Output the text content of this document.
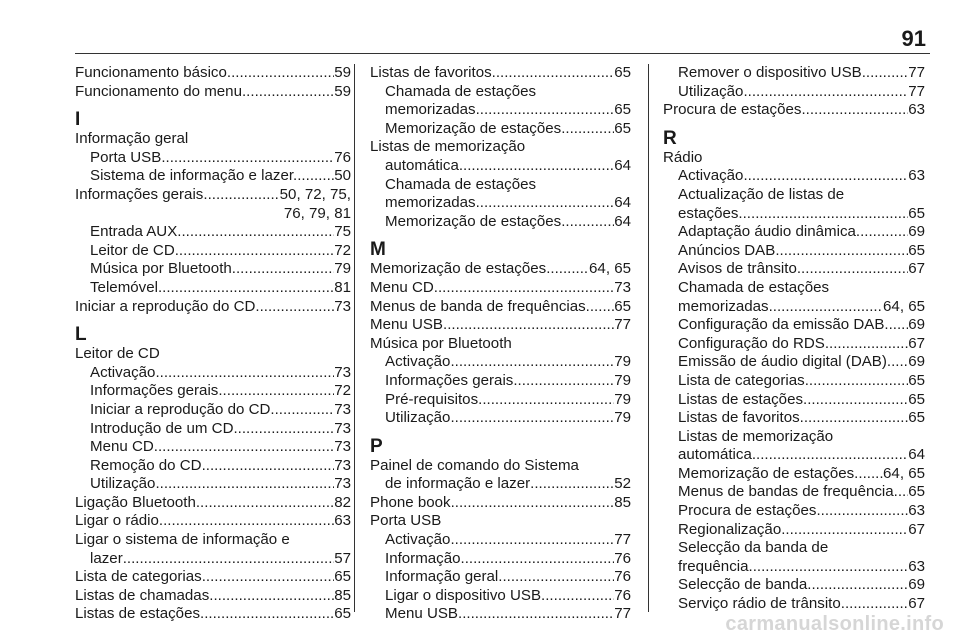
91
Funcionamento básico .....	59
Funcionamento do menu .....	59
I
Informação geral
Porta USB .....	76
Sistema de informação e lazer. ..... 50
Informações gerais. .....	50, 72, 75,
76, 79, 81
Entrada AUX .....	75
Leitor de CD .....	72
Música por Bluetooth .....	79
Telemóvel .....	81
Iniciar a reprodução do CD .....	73
L
Leitor de CD
Activação .....	73
Informações gerais .....	72
Iniciar a reprodução do CD .....	73
Introdução de um CD .....	73
Menu CD .....	73
Remoção do CD .....	73
Utilização .....	73
Ligação Bluetooth .....	82
Ligar o rádio .....	63
Ligar o sistema de informação e
lazer .....	57
Lista de categorias .....	65
Listas de chamadas .....	85
Listas de estações .....	65
Listas de favoritos .....	65
Chamada de estações
memorizadas .....	65
Memorização de estações .....	65
Listas de memorização
automática .....	64
Chamada de estações
memorizadas .....	64
Memorização de estações .....	64
M
Memorização de estações .....	64, 65
Menu CD .....	73
Menus de banda de frequências. ..... 65
Menu USB .....	77
Música por Bluetooth
Activação .....	79
Informações gerais .....	79
Pré-requisitos .....	79
Utilização .....	79
P
Painel de comando do Sistema
de informação e lazer .....	52
Phone book .....	85
Porta USB
Activação .....	77
Informação .....	76
Informação geral .....	76
Ligar o dispositivo USB .....	76
Menu USB .....	77
Remover o dispositivo USB .....	77
Utilização .....	77
Procura de estações .....	63
R
Rádio
Activação .....	63
Actualização de listas de
estações .....	65
Adaptação áudio dinâmica .....	69
Anúncios DAB .....	65
Avisos de trânsito .....	67
Chamada de estações
memorizadas .....	64, 65
Configuração da emissão DAB. ..... 69
Configuração do RDS .....	67
Emissão de áudio digital (DAB) ..... 69
Lista de categorias .....	65
Listas de estações .....	65
Listas de favoritos .....	65
Listas de memorização
automática .....	64
Memorização de estações. ..... 64, 65
Menus de bandas de frequência ..... 65
Procura de estações .....	63
Regionalização .....	67
Selecção da banda de
frequência .....	63
Selecção de banda .....	69
Serviço rádio de trânsito .....	67
carmanualsonline.info
